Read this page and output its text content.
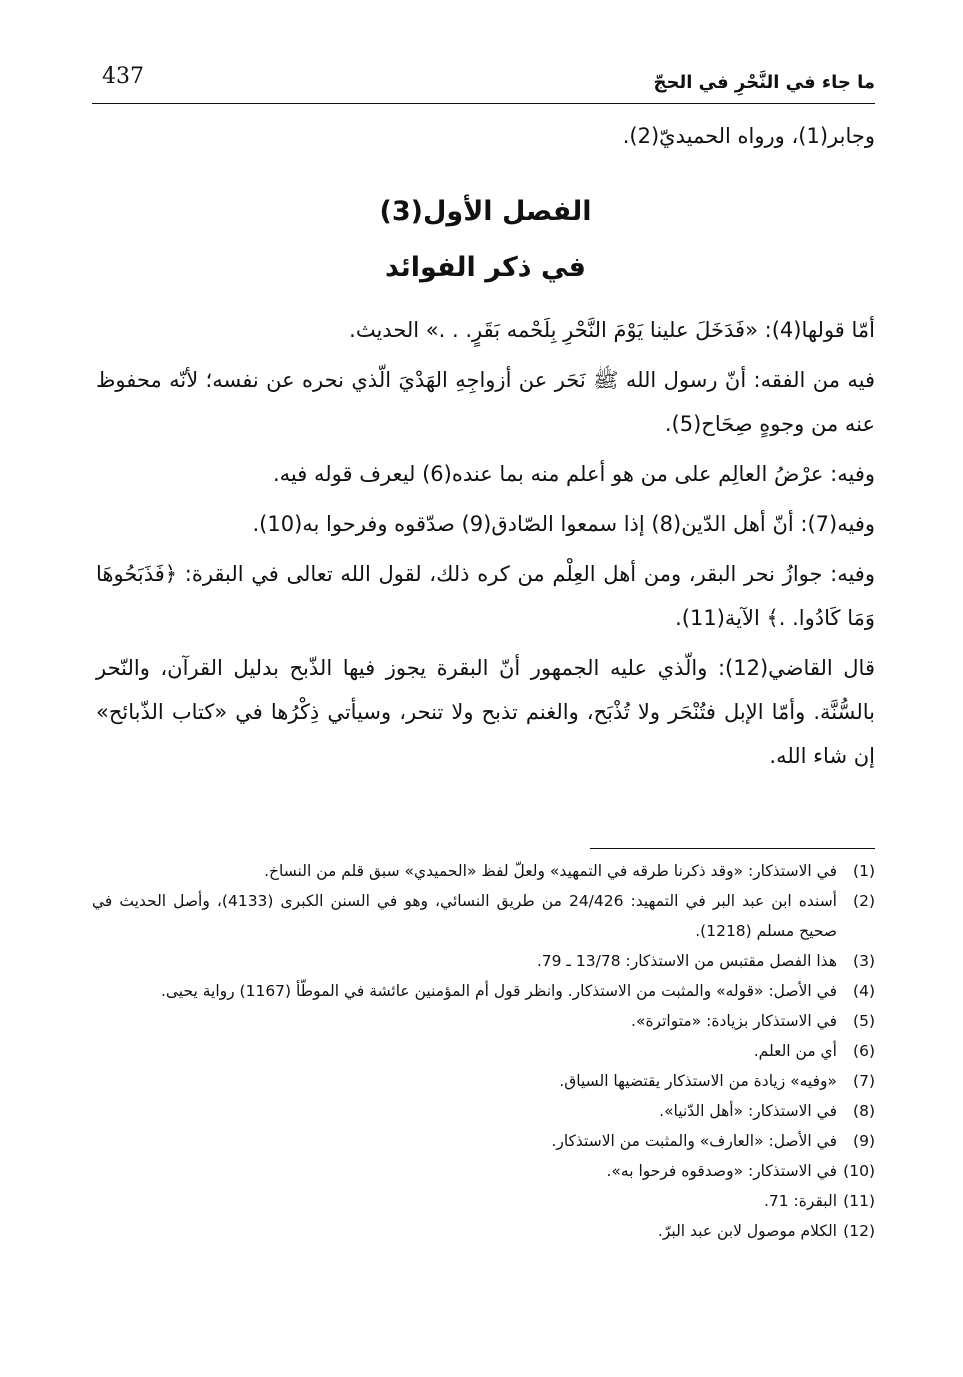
437	ما جاء في النَّحْرِ في الحجّ

وجابر(1)، ورواه الحميديّ(2).

الفصل الأول(3)

في ذكر الفوائد

أمّا قولها(4): «فَدَخَلَ علينا يَوْمَ النَّحْرِ بِلَحْمه بَقَرٍ. . .» الحديث.

فيه من الفقه: أنّ رسول الله ﷺ نَحَر عن أزواجِهِ الهَدْيَ الّذي نحره عن نفسه؛ لأنّه محفوظ عنه من وجوهٍ صِحَاح(5).

وفيه: عرْضُ العالِم على من هو أعلم منه بما عنده(6) ليعرف قوله فيه.

وفيه(7): أنّ أهل الدّين(8) إذا سمعوا الصّادق(9) صدّقوه وفرحوا به(10).

وفيه: جوازُ نحر البقر، ومن أهل العِلْم من كره ذلك، لقول الله تعالى في البقرة: ﴿فَذَبَحُوهَا وَمَا كَادُوا. .﴾ الآية(11).

قال القاضي(12): والّذي عليه الجمهور أنّ البقرة يجوز فيها الذّبح بدليل القرآن، والنّحر بالسُّنَّة. وأمّا الإبل فتُنْحَر ولا تُذْبَح، والغنم تذبح ولا تنحر، وسيأتي ذِكْرُها في «كتاب الذّبائح» إن شاء الله.

(1)
في الاستذكار: «وقد ذكرنا طرقه في التمهيد» ولعلّ لفظ «الحميدي» سبق قلم من النساخ.
(2)
أسنده ابن عبد البر في التمهيد: 24/426 من طريق النسائي، وهو في السنن الكبرى (4133)، وأصل الحديث في صحيح مسلم (1218).
(3)
هذا الفصل مقتبس من الاستذكار: 13/78 ـ 79.
(4)
في الأصل: «قوله» والمثبت من الاستذكار. وانظر قول أم المؤمنين عائشة في الموطّأ (1167) رواية يحيى.
(5)
في الاستذكار بزيادة: «متواترة».
(6)
أي من العلم.
(7)
«وفيه» زيادة من الاستذكار يقتضيها السياق.
(8)
في الاستذكار: «أهل الدّنيا».
(9)
في الأصل: «العارف» والمثبت من الاستذكار.
(10)
في الاستذكار: «وصدقوه فرحوا به».
(11)
البقرة: 71.
(12)
الكلام موصول لابن عبد البرّ.
